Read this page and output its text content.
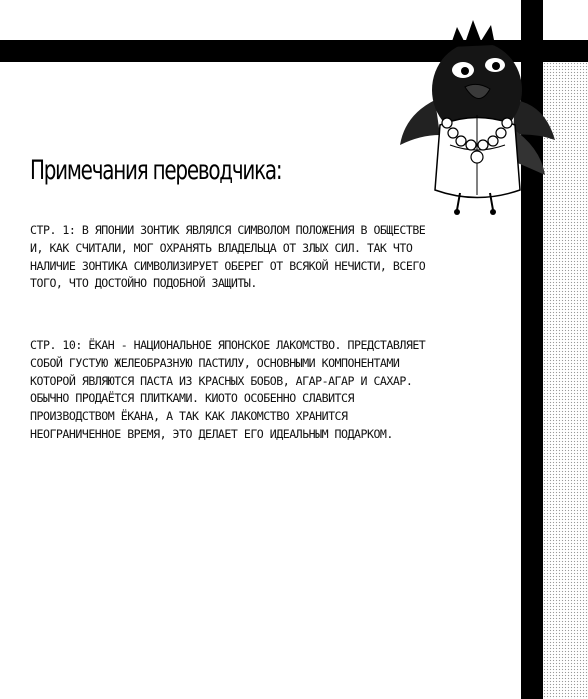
Примечания переводчика:
СТР. 1: В ЯПОНИИ ЗОНТИК ЯВЛЯЛСЯ СИМВОЛОМ ПОЛОЖЕНИЯ В ОБЩЕСТВЕ И, КАК СЧИТАЛИ, МОГ ОХРАНЯТЬ ВЛАДЕЛЬЦА ОТ ЗЛЫХ СИЛ. ТАК ЧТО НАЛИЧИЕ ЗОНТИКА СИМВОЛИЗИРУЕТ ОБЕРЕГ ОТ ВСЯКОЙ НЕЧИСТИ, ВСЕГО ТОГО, ЧТО ДОСТОЙНО ПОДОБНОЙ ЗАЩИТЫ.
СТР. 10: ЁКАН - НАЦИОНАЛЬНОЕ ЯПОНСКОЕ ЛАКОМСТВО. ПРЕДСТАВЛЯЕТ СОБОЙ ГУСТУЮ ЖЕЛЕОБРАЗНУЮ ПАСТИЛУ, ОСНОВНЫМИ КОМПОНЕНТАМИ КОТОРОЙ ЯВЛЯЮТСЯ ПАСТА ИЗ КРАСНЫХ БОБОВ, АГАР-АГАР И САХАР. ОБЫЧНО ПРОДАЁТСЯ ПЛИТКАМИ. КИОТО ОСОБЕННО СЛАВИТСЯ ПРОИЗВОДСТВОМ ЁКАНА, А ТАК КАК ЛАКОМСТВО ХРАНИТСЯ НЕОГРАНИЧЕННОЕ ВРЕМЯ, ЭТО ДЕЛАЕТ ЕГО ИДЕАЛЬНЫМ ПОДАРКОМ.
